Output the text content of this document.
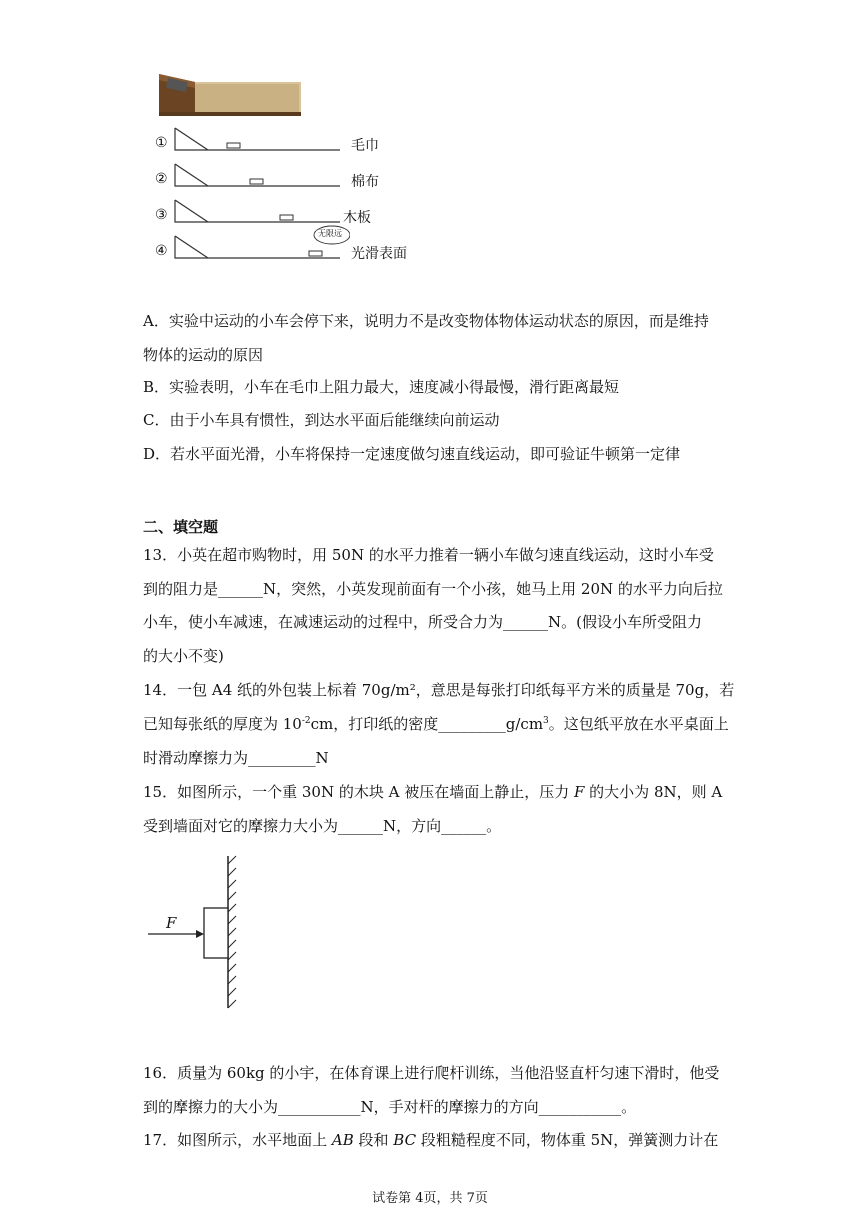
①
②
③
④
毛巾
棉布
木板
光滑表面
无限远
A．实验中运动的小车会停下来，说明力不是改变物体物体运动状态的原因，而是维持
物体的运动的原因
B．实验表明，小车在毛巾上阻力最大，速度减小得最慢，滑行距离最短
C．由于小车具有惯性，到达水平面后能继续向前运动
D．若水平面光滑，小车将保持一定速度做匀速直线运动，即可验证牛顿第一定律
二、填空题
13．小英在超市购物时，用 50N 的水平力推着一辆小车做匀速直线运动，这时小车受
到的阻力是______N，突然，小英发现前面有一个小孩，她马上用 20N 的水平力向后拉
小车，使小车减速，在减速运动的过程中，所受合力为______N。(假设小车所受阻力
的大小不变)
14．一包 A4 纸的外包装上标着 70g/m²，意思是每张打印纸每平方米的质量是 70g，若
已知每张纸的厚度为 $10^{-2}cm$，打印纸的密度$\_\_\_\_\_\_\_\_\_g/cm^3$。这包纸平放在水平桌面上
时滑动摩擦力为_________N
15．如图所示，一个重 30N 的木块 A 被压在墙面上静止，压力 F 的大小为 8N，则 A
受到墙面对它的摩擦力大小为______N，方向______。
F
16．质量为 60kg 的小宇，在体育课上进行爬杆训练，当他沿竖直杆匀速下滑时，他受
到的摩擦力的大小为___________N，手对杆的摩擦力的方向___________。
17．如图所示，水平地面上 AB 段和 BC 段粗糙程度不同，物体重 5N，弹簧测力计在
试卷第 4页，共 7页
